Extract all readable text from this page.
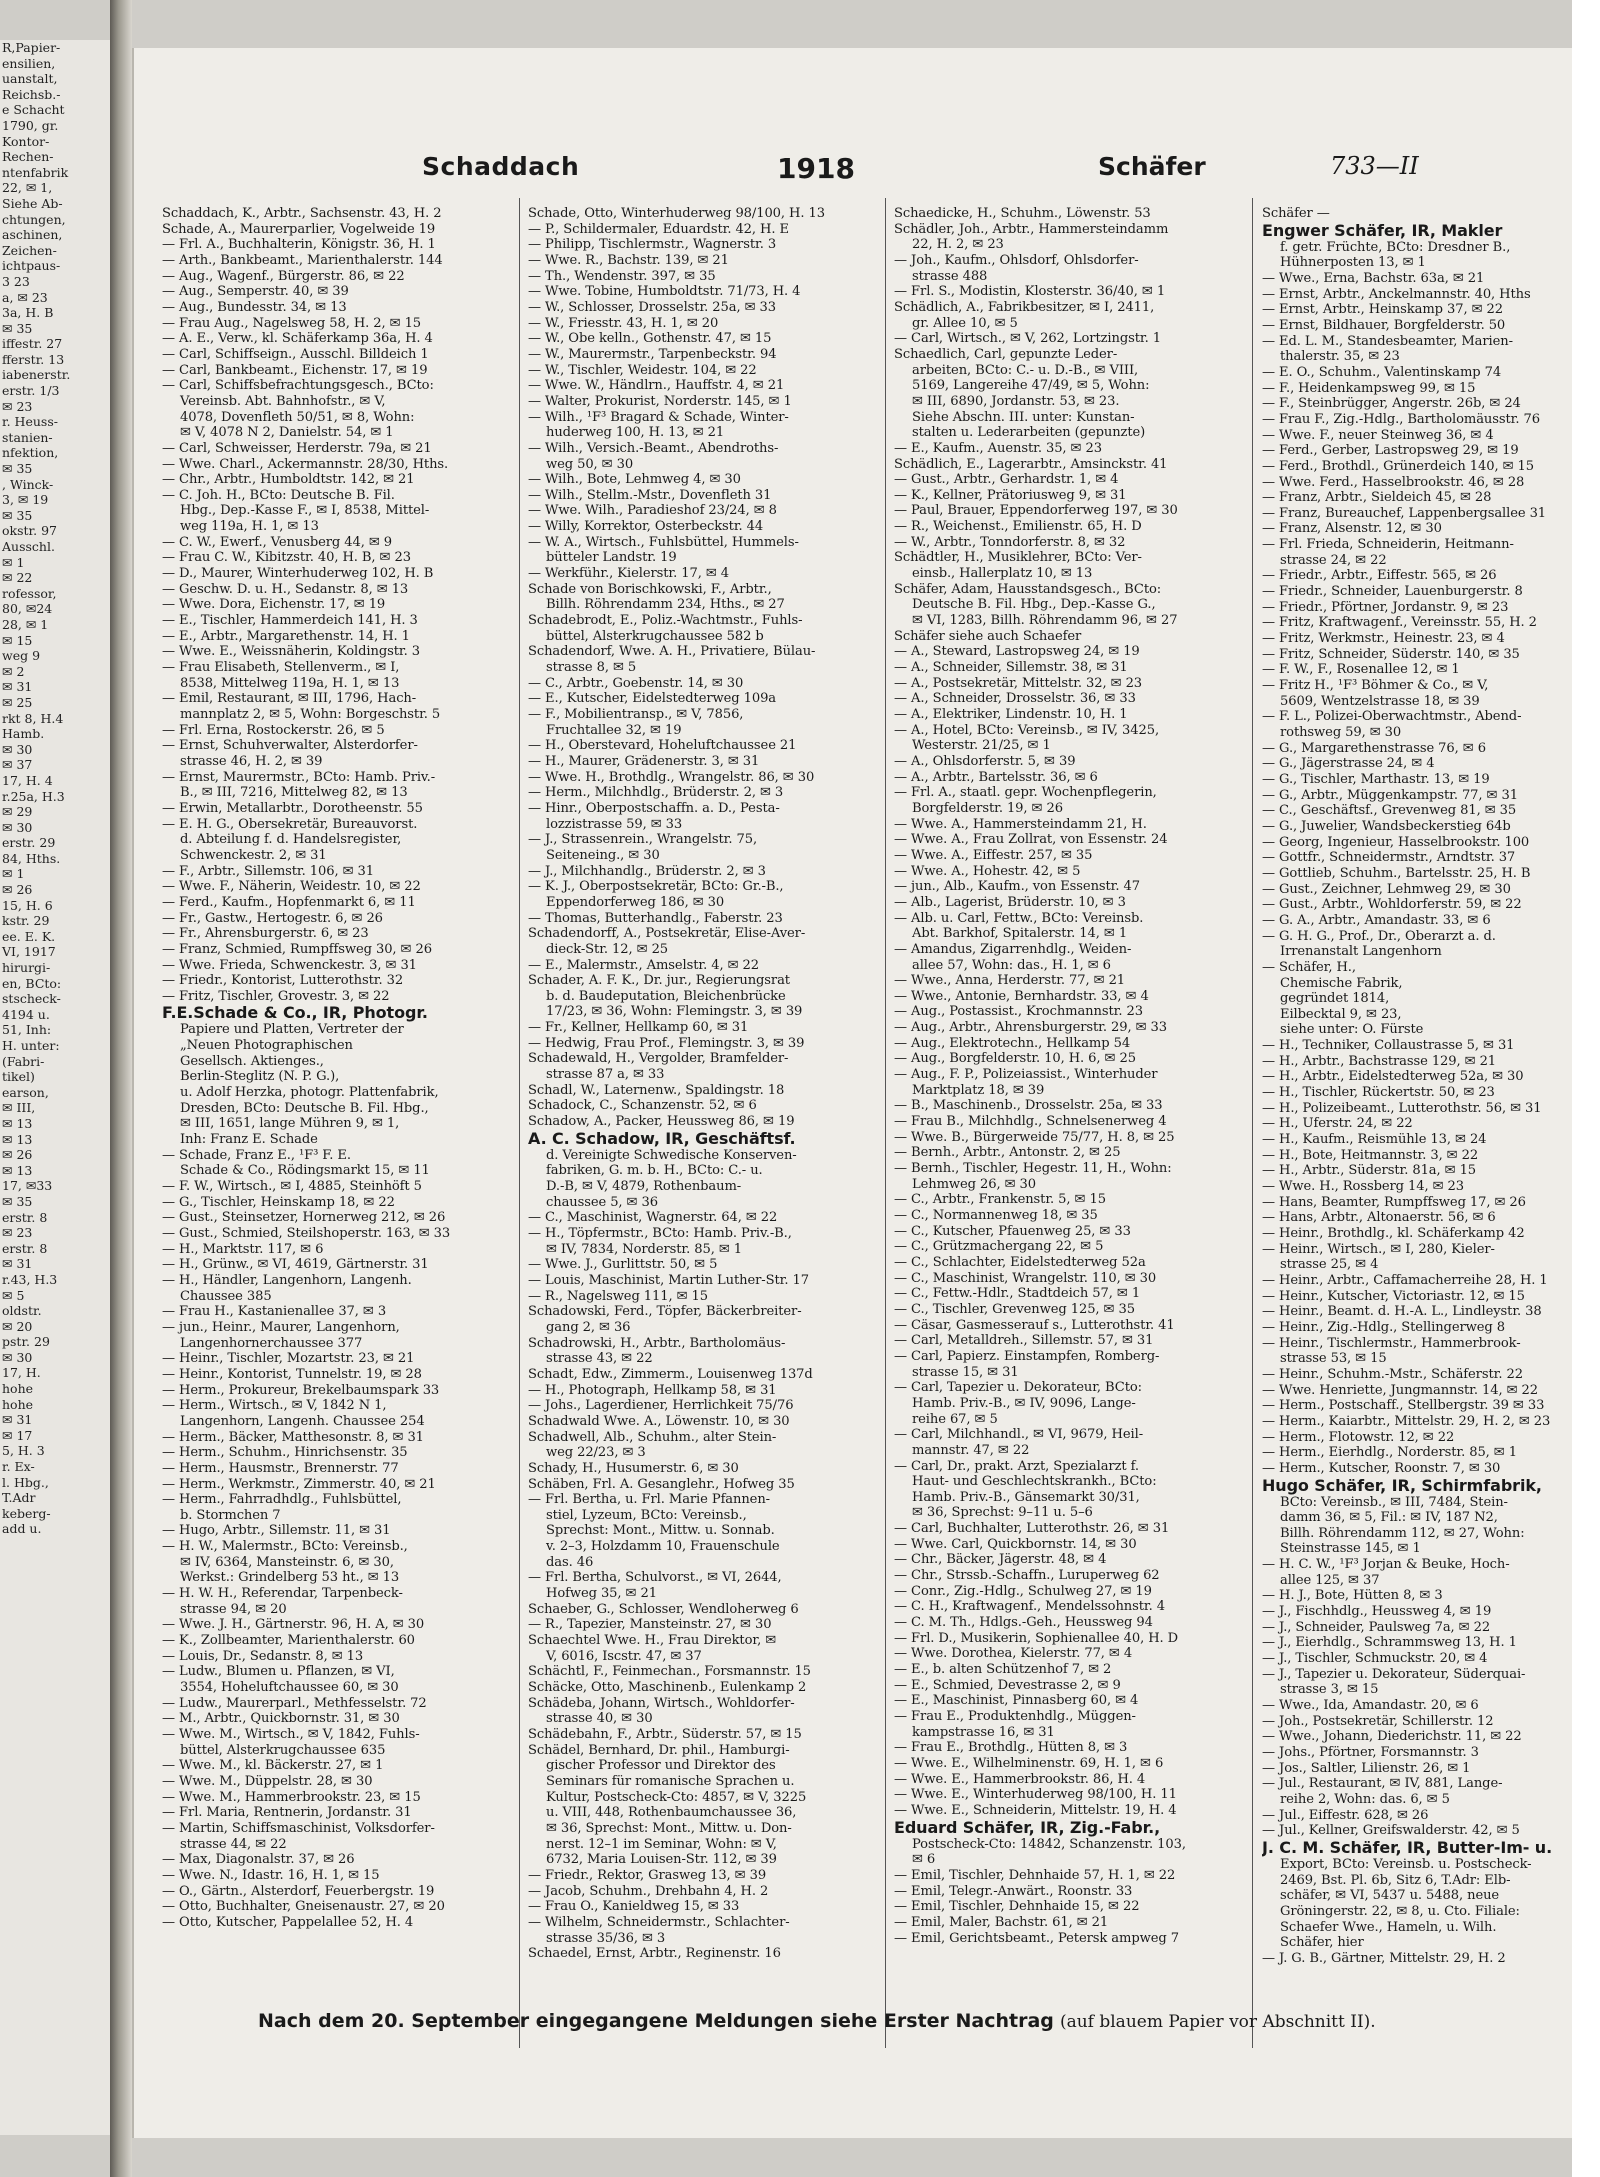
R,Papier-
ensilien,
uanstalt,
Reichsb.-
e Schacht
1790, gr.
Kontor-
Rechen-
ntenfabrik
22, ✉ 1,
Siehe Ab-
chtungen,
aschinen,
Zeichen-
ichtpaus-
3 23
a, ✉ 23
3a, H. B
✉ 35
iffestr. 27
fferstr. 13
iabenerstr.
erstr. 1/3
✉ 23
r. Heuss-
stanien-
nfektion,
✉ 35
, Winck-
3, ✉ 19
✉ 35
okstr. 97
Ausschl.
✉ 1
✉ 22
rofessor,
80, ✉24
28, ✉ 1
✉ 15
weg 9
✉ 2
✉ 31
✉ 25
rkt 8, H.4
Hamb.
✉ 30
✉ 37
17, H. 4
r.25a, H.3
✉ 29
✉ 30
erstr. 29
84, Hths.
✉ 1
✉ 26
15, H. 6
kstr. 29
ee. E. K.
VI, 1917
hirurgi-
en, BCto:
stscheck-
4194 u.
51, Inh:
H. unter:
(Fabri-
tikel)
earson,
✉ III,
✉ 13
✉ 13
✉ 26
✉ 13
17, ✉33
✉ 35
erstr. 8
✉ 23
erstr. 8
✉ 31
r.43, H.3
✉ 5
oldstr.
✉ 20
pstr. 29
✉ 30
17, H.
hohe
hohe
✉ 31
✉ 17
5, H. 3
r. Ex-
l. Hbg.,
T.Adr
keberg-
add u.
Schaddach	1918	Schäfer	733—II
Schaddach, K., Arbtr., Sachsenstr. 43, H. 2
Schade, A., Maurerparlier, Vogelweide 19
— Frl. A., Buchhalterin, Königstr. 36, H. 1
— Arth., Bankbeamt., Marienthalerstr. 144
— Aug., Wagenf., Bürgerstr. 86, ✉ 22
— Aug., Semperstr. 40, ✉ 39
— Aug., Bundesstr. 34, ✉ 13
— Frau Aug., Nagelsweg 58, H. 2, ✉ 15
— A. E., Verw., kl. Schäferkamp 36a, H. 4
— Carl, Schiffseign., Ausschl. Billdeich 1
— Carl, Bankbeamt., Eichenstr. 17, ✉ 19
— Carl, Schiffsbefrachtungsgesch., BCto:
Vereinsb. Abt. Bahnhofstr., ✉ V,
4078, Dovenfleth 50/51, ✉ 8, Wohn:
✉ V, 4078 N 2, Danielstr. 54, ✉ 1
— Carl, Schweisser, Herderstr. 79a, ✉ 21
— Wwe. Charl., Ackermannstr. 28/30, Hths.
— Chr., Arbtr., Humboldtstr. 142, ✉ 21
— C. Joh. H., BCto: Deutsche B. Fil.
Hbg., Dep.-Kasse F., ✉ I, 8538, Mittel-
weg 119a, H. 1, ✉ 13
— C. W., Ewerf., Venusberg 44, ✉ 9
— Frau C. W., Kibitzstr. 40, H. B, ✉ 23
— D., Maurer, Winterhuderweg 102, H. B
— Geschw. D. u. H., Sedanstr. 8, ✉ 13
— Wwe. Dora, Eichenstr. 17, ✉ 19
— E., Tischler, Hammerdeich 141, H. 3
— E., Arbtr., Margarethenstr. 14, H. 1
— Wwe. E., Weissnäherin, Koldingstr. 3
— Frau Elisabeth, Stellenverm., ✉ I,
8538, Mittelweg 119a, H. 1, ✉ 13
— Emil, Restaurant, ✉ III, 1796, Hach-
mannplatz 2, ✉ 5, Wohn: Borgeschstr. 5
— Frl. Erna, Rostockerstr. 26, ✉ 5
— Ernst, Schuhverwalter, Alsterdorfer-
strasse 46, H. 2, ✉ 39
— Ernst, Maurermstr., BCto: Hamb. Priv.-
B., ✉ III, 7216, Mittelweg 82, ✉ 13
— Erwin, Metallarbtr., Dorotheenstr. 55
— E. H. G., Obersekretär, Bureauvorst.
d. Abteilung f. d. Handelsregister,
Schwenckestr. 2, ✉ 31
— F., Arbtr., Sillemstr. 106, ✉ 31
— Wwe. F., Näherin, Weidestr. 10, ✉ 22
— Ferd., Kaufm., Hopfenmarkt 6, ✉ 11
— Fr., Gastw., Hertogestr. 6, ✉ 26
— Fr., Ahrensburgerstr. 6, ✉ 23
— Franz, Schmied, Rumpffsweg 30, ✉ 26
— Wwe. Frieda, Schwenckestr. 3, ✉ 31
— Friedr., Kontorist, Lutterothstr. 32
— Fritz, Tischler, Grovestr. 3, ✉ 22
F.E.Schade & Co., IR, Photogr.
Papiere und Platten, Vertreter der
„Neuen Photographischen
Gesellsch. Aktienges.,
Berlin-Steglitz (N. P. G.),
u. Adolf Herzka, photogr. Plattenfabrik,
Dresden, BCto: Deutsche B. Fil. Hbg.,
✉ III, 1651, lange Mühren 9, ✉ 1,
Inh: Franz E. Schade
— Schade, Franz E., ¹F³ F. E.
Schade & Co., Rödingsmarkt 15, ✉ 11
— F. W., Wirtsch., ✉ I, 4885, Steinhöft 5
— G., Tischler, Heinskamp 18, ✉ 22
— Gust., Steinsetzer, Hornerweg 212, ✉ 26
— Gust., Schmied, Steilshoperstr. 163, ✉ 33
— H., Marktstr. 117, ✉ 6
— H., Grünw., ✉ VI, 4619, Gärtnerstr. 31
— H., Händler, Langenhorn, Langenh.
Chaussee 385
— Frau H., Kastanienallee 37, ✉ 3
— jun., Heinr., Maurer, Langenhorn,
Langenhornerchaussee 377
— Heinr., Tischler, Mozartstr. 23, ✉ 21
— Heinr., Kontorist, Tunnelstr. 19, ✉ 28
— Herm., Prokureur, Brekelbaumspark 33
— Herm., Wirtsch., ✉ V, 1842 N 1,
Langenhorn, Langenh. Chaussee 254
— Herm., Bäcker, Matthesonstr. 8, ✉ 31
— Herm., Schuhm., Hinrichsenstr. 35
— Herm., Hausmstr., Brennerstr. 77
— Herm., Werkmstr., Zimmerstr. 40, ✉ 21
— Herm., Fahrradhdlg., Fuhlsbüttel,
b. Stormchen 7
— Hugo, Arbtr., Sillemstr. 11, ✉ 31
— H. W., Malermstr., BCto: Vereinsb.,
✉ IV, 6364, Mansteinstr. 6, ✉ 30,
Werkst.: Grindelberg 53 ht., ✉ 13
— H. W. H., Referendar, Tarpenbeck-
strasse 94, ✉ 20
— Wwe. J. H., Gärtnerstr. 96, H. A, ✉ 30
— K., Zollbeamter, Marienthalerstr. 60
— Louis, Dr., Sedanstr. 8, ✉ 13
— Ludw., Blumen u. Pflanzen, ✉ VI,
3554, Hoheluftchaussee 60, ✉ 30
— Ludw., Maurerparl., Methfesselstr. 72
— M., Arbtr., Quickbornstr. 31, ✉ 30
— Wwe. M., Wirtsch., ✉ V, 1842, Fuhls-
büttel, Alsterkrugchaussee 635
— Wwe. M., kl. Bäckerstr. 27, ✉ 1
— Wwe. M., Düppelstr. 28, ✉ 30
— Wwe. M., Hammerbrookstr. 23, ✉ 15
— Frl. Maria, Rentnerin, Jordanstr. 31
— Martin, Schiffsmaschinist, Volksdorfer-
strasse 44, ✉ 22
— Max, Diagonalstr. 37, ✉ 26
— Wwe. N., Idastr. 16, H. 1, ✉ 15
— O., Gärtn., Alsterdorf, Feuerbergstr. 19
— Otto, Buchhalter, Gneisenaustr. 27, ✉ 20
— Otto, Kutscher, Pappelallee 52, H. 4
Schade, Otto, Winterhuderweg 98/100, H. 13
— P., Schildermaler, Eduardstr. 42, H. E
— Philipp, Tischlermstr., Wagnerstr. 3
— Wwe. R., Bachstr. 139, ✉ 21
— Th., Wendenstr. 397, ✉ 35
— Wwe. Tobine, Humboldtstr. 71/73, H. 4
— W., Schlosser, Drosselstr. 25a, ✉ 33
— W., Friesstr. 43, H. 1, ✉ 20
— W., Obe kelln., Gothenstr. 47, ✉ 15
— W., Maurermstr., Tarpenbeckstr. 94
— W., Tischler, Weidestr. 104, ✉ 22
— Wwe. W., Händlrn., Hauffstr. 4, ✉ 21
— Walter, Prokurist, Norderstr. 145, ✉ 1
— Wilh., ¹F³ Bragard & Schade, Winter-
huderweg 100, H. 13, ✉ 21
— Wilh., Versich.-Beamt., Abendroths-
weg 50, ✉ 30
— Wilh., Bote, Lehmweg 4, ✉ 30
— Wilh., Stellm.-Mstr., Dovenfleth 31
— Wwe. Wilh., Paradieshof 23/24, ✉ 8
— Willy, Korrektor, Osterbeckstr. 44
— W. A., Wirtsch., Fuhlsbüttel, Hummels-
bütteler Landstr. 19
— Werkführ., Kielerstr. 17, ✉ 4
Schade von Borischkowski, F., Arbtr.,
Billh. Röhrendamm 234, Hths., ✉ 27
Schadebrodt, E., Poliz.-Wachtmstr., Fuhls-
büttel, Alsterkrugchaussee 582 b
Schadendorf, Wwe. A. H., Privatiere, Bülau-
strasse 8, ✉ 5
— C., Arbtr., Goebenstr. 14, ✉ 30
— E., Kutscher, Eidelstedterweg 109a
— F., Mobilientransp., ✉ V, 7856,
Fruchtallee 32, ✉ 19
— H., Oberstevard, Hoheluftchaussee 21
— H., Maurer, Grädenerstr. 3, ✉ 31
— Wwe. H., Brothdlg., Wrangelstr. 86, ✉ 30
— Herm., Milchhdlg., Brüderstr. 2, ✉ 3
— Hinr., Oberpostschaffn. a. D., Pesta-
lozzistrasse 59, ✉ 33
— J., Strassenrein., Wrangelstr. 75,
Seiteneing., ✉ 30
— J., Milchhandlg., Brüderstr. 2, ✉ 3
— K. J., Oberpostsekretär, BCto: Gr.-B.,
Eppendorferweg 186, ✉ 30
— Thomas, Butterhandlg., Faberstr. 23
Schadendorff, A., Postsekretär, Elise-Aver-
dieck-Str. 12, ✉ 25
— E., Malermstr., Amselstr. 4, ✉ 22
Schader, A. F. K., Dr. jur., Regierungsrat
b. d. Baudeputation, Bleichenbrücke
17/23, ✉ 36, Wohn: Flemingstr. 3, ✉ 39
— Fr., Kellner, Hellkamp 60, ✉ 31
— Hedwig, Frau Prof., Flemingstr. 3, ✉ 39
Schadewald, H., Vergolder, Bramfelder-
strasse 87 a, ✉ 33
Schadl, W., Laternenw., Spaldingstr. 18
Schadock, C., Schanzenstr. 52, ✉ 6
Schadow, A., Packer, Heussweg 86, ✉ 19
A. C. Schadow, IR, Geschäftsf.
d. Vereinigte Schwedische Konserven-
fabriken, G. m. b. H., BCto: C.- u.
D.-B, ✉ V, 4879, Rothenbaum-
chaussee 5, ✉ 36
— C., Maschinist, Wagnerstr. 64, ✉ 22
— H., Töpfermstr., BCto: Hamb. Priv.-B.,
✉ IV, 7834, Norderstr. 85, ✉ 1
— Wwe. J., Gurlittstr. 50, ✉ 5
— Louis, Maschinist, Martin Luther-Str. 17
— R., Nagelsweg 111, ✉ 15
Schadowski, Ferd., Töpfer, Bäckerbreiter-
gang 2, ✉ 36
Schadrowski, H., Arbtr., Bartholomäus-
strasse 43, ✉ 22
Schadt, Edw., Zimmerm., Louisenweg 137d
— H., Photograph, Hellkamp 58, ✉ 31
— Johs., Lagerdiener, Herrlichkeit 75/76
Schadwald Wwe. A., Löwenstr. 10, ✉ 30
Schadwell, Alb., Schuhm., alter Stein-
weg 22/23, ✉ 3
Schady, H., Husumerstr. 6, ✉ 30
Schäben, Frl. A. Gesanglehr., Hofweg 35
— Frl. Bertha, u. Frl. Marie Pfannen-
stiel, Lyzeum, BCto: Vereinsb.,
Sprechst: Mont., Mittw. u. Sonnab.
v. 2–3, Holzdamm 10, Frauenschule
das. 46
— Frl. Bertha, Schulvorst., ✉ VI, 2644,
Hofweg 35, ✉ 21
Schaeber, G., Schlosser, Wendloherweg 6
— R., Tapezier, Mansteinstr. 27, ✉ 30
Schaechtel Wwe. H., Frau Direktor, ✉
V, 6016, Iscstr. 47, ✉ 37
Schächtl, F., Feinmechan., Forsmannstr. 15
Schäcke, Otto, Maschinenb., Eulenkamp 2
Schädeba, Johann, Wirtsch., Wohldorfer-
strasse 40, ✉ 30
Schädebahn, F., Arbtr., Süderstr. 57, ✉ 15
Schädel, Bernhard, Dr. phil., Hamburgi-
gischer Professor und Direktor des
Seminars für romanische Sprachen u.
Kultur, Postscheck-Cto: 4857, ✉ V, 3225
u. VIII, 448, Rothenbaumchaussee 36,
✉ 36, Sprechst: Mont., Mittw. u. Don-
nerst. 12–1 im Seminar, Wohn: ✉ V,
6732, Maria Louisen-Str. 112, ✉ 39
— Friedr., Rektor, Grasweg 13, ✉ 39
— Jacob, Schuhm., Drehbahn 4, H. 2
— Frau O., Kanieldweg 15, ✉ 33
— Wilhelm, Schneidermstr., Schlachter-
strasse 35/36, ✉ 3
Schaedel, Ernst, Arbtr., Reginenstr. 16
Schaedicke, H., Schuhm., Löwenstr. 53
Schädler, Joh., Arbtr., Hammersteindamm
22, H. 2, ✉ 23
— Joh., Kaufm., Ohlsdorf, Ohlsdorfer-
strasse 488
— Frl. S., Modistin, Klosterstr. 36/40, ✉ 1
Schädlich, A., Fabrikbesitzer, ✉ I, 2411,
gr. Allee 10, ✉ 5
— Carl, Wirtsch., ✉ V, 262, Lortzingstr. 1
Schaedlich, Carl, gepunzte Leder-
arbeiten, BCto: C.- u. D.-B., ✉ VIII,
5169, Langereihe 47/49, ✉ 5, Wohn:
✉ III, 6890, Jordanstr. 53, ✉ 23.
Siehe Abschn. III. unter: Kunstan-
stalten u. Lederarbeiten (gepunzte)
— E., Kaufm., Auenstr. 35, ✉ 23
Schädlich, E., Lagerarbtr., Amsinckstr. 41
— Gust., Arbtr., Gerhardstr. 1, ✉ 4
— K., Kellner, Prätoriusweg 9, ✉ 31
— Paul, Brauer, Eppendorferweg 197, ✉ 30
— R., Weichenst., Emilienstr. 65, H. D
— W., Arbtr., Tonndorferstr. 8, ✉ 32
Schädtler, H., Musiklehrer, BCto: Ver-
einsb., Hallerplatz 10, ✉ 13
Schäfer, Adam, Hausstandsgesch., BCto:
Deutsche B. Fil. Hbg., Dep.-Kasse G.,
✉ VI, 1283, Billh. Röhrendamm 96, ✉ 27
Schäfer siehe auch Schaefer
— A., Steward, Lastropsweg 24, ✉ 19
— A., Schneider, Sillemstr. 38, ✉ 31
— A., Postsekretär, Mittelstr. 32, ✉ 23
— A., Schneider, Drosselstr. 36, ✉ 33
— A., Elektriker, Lindenstr. 10, H. 1
— A., Hotel, BCto: Vereinsb., ✉ IV, 3425,
Westerstr. 21/25, ✉ 1
— A., Ohlsdorferstr. 5, ✉ 39
— A., Arbtr., Bartelsstr. 36, ✉ 6
— Frl. A., staatl. gepr. Wochenpflegerin,
Borgfelderstr. 19, ✉ 26
— Wwe. A., Hammersteindamm 21, H.
— Wwe. A., Frau Zollrat, von Essenstr. 24
— Wwe. A., Eiffestr. 257, ✉ 35
— Wwe. A., Hohestr. 42, ✉ 5
— jun., Alb., Kaufm., von Essenstr. 47
— Alb., Lagerist, Brüderstr. 10, ✉ 3
— Alb. u. Carl, Fettw., BCto: Vereinsb.
Abt. Barkhof, Spitalerstr. 14, ✉ 1
— Amandus, Zigarrenhdlg., Weiden-
allee 57, Wohn: das., H. 1, ✉ 6
— Wwe., Anna, Herderstr. 77, ✉ 21
— Wwe., Antonie, Bernhardstr. 33, ✉ 4
— Aug., Postassist., Krochmannstr. 23
— Aug., Arbtr., Ahrensburgerstr. 29, ✉ 33
— Aug., Elektrotechn., Hellkamp 54
— Aug., Borgfelderstr. 10, H. 6, ✉ 25
— Aug., F. P., Polizeiassist., Winterhuder
Marktplatz 18, ✉ 39
— B., Maschinenb., Drosselstr. 25a, ✉ 33
— Frau B., Milchhdlg., Schnelsenerweg 4
— Wwe. B., Bürgerweide 75/77, H. 8, ✉ 25
— Bernh., Arbtr., Antonstr. 2, ✉ 25
— Bernh., Tischler, Hegestr. 11, H., Wohn:
Lehmweg 26, ✉ 30
— C., Arbtr., Frankenstr. 5, ✉ 15
— C., Normannenweg 18, ✉ 35
— C., Kutscher, Pfauenweg 25, ✉ 33
— C., Grützmachergang 22, ✉ 5
— C., Schlachter, Eidelstedterweg 52a
— C., Maschinist, Wrangelstr. 110, ✉ 30
— C., Fettw.-Hdlr., Stadtdeich 57, ✉ 1
— C., Tischler, Grevenweg 125, ✉ 35
— Cäsar, Gasmesserauf s., Lutterothstr. 41
— Carl, Metalldreh., Sillemstr. 57, ✉ 31
— Carl, Papierz. Einstampfen, Romberg-
strasse 15, ✉ 31
— Carl, Tapezier u. Dekorateur, BCto:
Hamb. Priv.-B., ✉ IV, 9096, Lange-
reihe 67, ✉ 5
— Carl, Milchhandl., ✉ VI, 9679, Heil-
mannstr. 47, ✉ 22
— Carl, Dr., prakt. Arzt, Spezialarzt f.
Haut- und Geschlechtskrankh., BCto:
Hamb. Priv.-B., Gänsemarkt 30/31,
✉ 36, Sprechst: 9–11 u. 5–6
— Carl, Buchhalter, Lutterothstr. 26, ✉ 31
— Wwe. Carl, Quickbornstr. 14, ✉ 30
— Chr., Bäcker, Jägerstr. 48, ✉ 4
— Chr., Strssb.-Schaffn., Luruperweg 62
— Conr., Zig.-Hdlg., Schulweg 27, ✉ 19
— C. H., Kraftwagenf., Mendelssohnstr. 4
— C. M. Th., Hdlgs.-Geh., Heussweg 94
— Frl. D., Musikerin, Sophienallee 40, H. D
— Wwe. Dorothea, Kielerstr. 77, ✉ 4
— E., b. alten Schützenhof 7, ✉ 2
— E., Schmied, Devestrasse 2, ✉ 9
— E., Maschinist, Pinnasberg 60, ✉ 4
— Frau E., Produktenhdlg., Müggen-
kampstrasse 16, ✉ 31
— Frau E., Brothdlg., Hütten 8, ✉ 3
— Wwe. E., Wilhelminenstr. 69, H. 1, ✉ 6
— Wwe. E., Hammerbrookstr. 86, H. 4
— Wwe. E., Winterhuderweg 98/100, H. 11
— Wwe. E., Schneiderin, Mittelstr. 19, H. 4
Eduard Schäfer, IR, Zig.-Fabr.,
Postscheck-Cto: 14842, Schanzenstr. 103,
✉ 6
— Emil, Tischler, Dehnhaide 57, H. 1, ✉ 22
— Emil, Telegr.-Anwärt., Roonstr. 33
— Emil, Tischler, Dehnhaide 15, ✉ 22
— Emil, Maler, Bachstr. 61, ✉ 21
— Emil, Gerichtsbeamt., Petersk ampweg 7
Schäfer —
Engwer Schäfer, IR, Makler
f. getr. Früchte, BCto: Dresdner B.,
Hühnerposten 13, ✉ 1
— Wwe., Erna, Bachstr. 63a, ✉ 21
— Ernst, Arbtr., Anckelmannstr. 40, Hths
— Ernst, Arbtr., Heinskamp 37, ✉ 22
— Ernst, Bildhauer, Borgfelderstr. 50
— Ed. L. M., Standesbeamter, Marien-
thalerstr. 35, ✉ 23
— E. O., Schuhm., Valentinskamp 74
— F., Heidenkampsweg 99, ✉ 15
— F., Steinbrügger, Angerstr. 26b, ✉ 24
— Frau F., Zig.-Hdlg., Bartholomäusstr. 76
— Wwe. F., neuer Steinweg 36, ✉ 4
— Ferd., Gerber, Lastropsweg 29, ✉ 19
— Ferd., Brothdl., Grünerdeich 140, ✉ 15
— Wwe. Ferd., Hasselbrookstr. 46, ✉ 28
— Franz, Arbtr., Sieldeich 45, ✉ 28
— Franz, Bureauchef, Lappenbergsallee 31
— Franz, Alsenstr. 12, ✉ 30
— Frl. Frieda, Schneiderin, Heitmann-
strasse 24, ✉ 22
— Friedr., Arbtr., Eiffestr. 565, ✉ 26
— Friedr., Schneider, Lauenburgerstr. 8
— Friedr., Pförtner, Jordanstr. 9, ✉ 23
— Fritz, Kraftwagenf., Vereinsstr. 55, H. 2
— Fritz, Werkmstr., Heinestr. 23, ✉ 4
— Fritz, Schneider, Süderstr. 140, ✉ 35
— F. W., F., Rosenallee 12, ✉ 1
— Fritz H., ¹F³ Böhmer & Co., ✉ V,
5609, Wentzelstrasse 18, ✉ 39
— F. L., Polizei-Oberwachtmstr., Abend-
rothsweg 59, ✉ 30
— G., Margarethenstrasse 76, ✉ 6
— G., Jägerstrasse 24, ✉ 4
— G., Tischler, Marthastr. 13, ✉ 19
— G., Arbtr., Müggenkampstr. 77, ✉ 31
— C., Geschäftsf., Grevenweg 81, ✉ 35
— G., Juwelier, Wandsbeckerstieg 64b
— Georg, Ingenieur, Hasselbrookstr. 100
— Gottfr., Schneidermstr., Arndtstr. 37
— Gottlieb, Schuhm., Bartelsstr. 25, H. B
— Gust., Zeichner, Lehmweg 29, ✉ 30
— Gust., Arbtr., Wohldorferstr. 59, ✉ 22
— G. A., Arbtr., Amandastr. 33, ✉ 6
— G. H. G., Prof., Dr., Oberarzt a. d.
Irrenanstalt Langenhorn
— Schäfer, H.,
Chemische Fabrik,
gegründet 1814,
Eilbecktal 9, ✉ 23,
siehe unter: O. Fürste
— H., Techniker, Collaustrasse 5, ✉ 31
— H., Arbtr., Bachstrasse 129, ✉ 21
— H., Arbtr., Eidelstedterweg 52a, ✉ 30
— H., Tischler, Rückertstr. 50, ✉ 23
— H., Polizeibeamt., Lutterothstr. 56, ✉ 31
— H., Uferstr. 24, ✉ 22
— H., Kaufm., Reismühle 13, ✉ 24
— H., Bote, Heitmannstr. 3, ✉ 22
— H., Arbtr., Süderstr. 81a, ✉ 15
— Wwe. H., Rossberg 14, ✉ 23
— Hans, Beamter, Rumpffsweg 17, ✉ 26
— Hans, Arbtr., Altonaerstr. 56, ✉ 6
— Heinr., Brothdlg., kl. Schäferkamp 42
— Heinr., Wirtsch., ✉ I, 280, Kieler-
strasse 25, ✉ 4
— Heinr., Arbtr., Caffamacherreihe 28, H. 1
— Heinr., Kutscher, Victoriastr. 12, ✉ 15
— Heinr., Beamt. d. H.-A. L., Lindleystr. 38
— Heinr., Zig.-Hdlg., Stellingerweg 8
— Heinr., Tischlermstr., Hammerbrook-
strasse 53, ✉ 15
— Heinr., Schuhm.-Mstr., Schäferstr. 22
— Wwe. Henriette, Jungmannstr. 14, ✉ 22
— Herm., Postschaff., Stellbergstr. 39 ✉ 33
— Herm., Kaiarbtr., Mittelstr. 29, H. 2, ✉ 23
— Herm., Flotowstr. 12, ✉ 22
— Herm., Eierhdlg., Norderstr. 85, ✉ 1
— Herm., Kutscher, Roonstr. 7, ✉ 30
Hugo Schäfer, IR, Schirmfabrik,
BCto: Vereinsb., ✉ III, 7484, Stein-
damm 36, ✉ 5, Fil.: ✉ IV, 187 N2,
Billh. Röhrendamm 112, ✉ 27, Wohn:
Steinstrasse 145, ✉ 1
— H. C. W., ¹F³ Jorjan & Beuke, Hoch-
allee 125, ✉ 37
— H. J., Bote, Hütten 8, ✉ 3
— J., Fischhdlg., Heussweg 4, ✉ 19
— J., Schneider, Paulsweg 7a, ✉ 22
— J., Eierhdlg., Schrammsweg 13, H. 1
— J., Tischler, Schmuckstr. 20, ✉ 4
— J., Tapezier u. Dekorateur, Süderquai-
strasse 3, ✉ 15
— Wwe., Ida, Amandastr. 20, ✉ 6
— Joh., Postsekretär, Schillerstr. 12
— Wwe., Johann, Diederichstr. 11, ✉ 22
— Johs., Pförtner, Forsmannstr. 3
— Jos., Saltler, Lilienstr. 26, ✉ 1
— Jul., Restaurant, ✉ IV, 881, Lange-
reihe 2, Wohn: das. 6, ✉ 5
— Jul., Eiffestr. 628, ✉ 26
— Jul., Kellner, Greifswalderstr. 42, ✉ 5
J. C. M. Schäfer, IR, Butter-Im- u.
Export, BCto: Vereinsb. u. Postscheck-
2469, Bst. Pl. 6b, Sitz 6, T.Adr: Elb-
schäfer, ✉ VI, 5437 u. 5488, neue
Gröningerstr. 22, ✉ 8, u. Cto. Filiale:
Schaefer Wwe., Hameln, u. Wilh.
Schäfer, hier
— J. G. B., Gärtner, Mittelstr. 29, H. 2
Nach dem 20. September eingegangene Meldungen siehe Erster Nachtrag (auf blauem Papier vor Abschnitt II).
